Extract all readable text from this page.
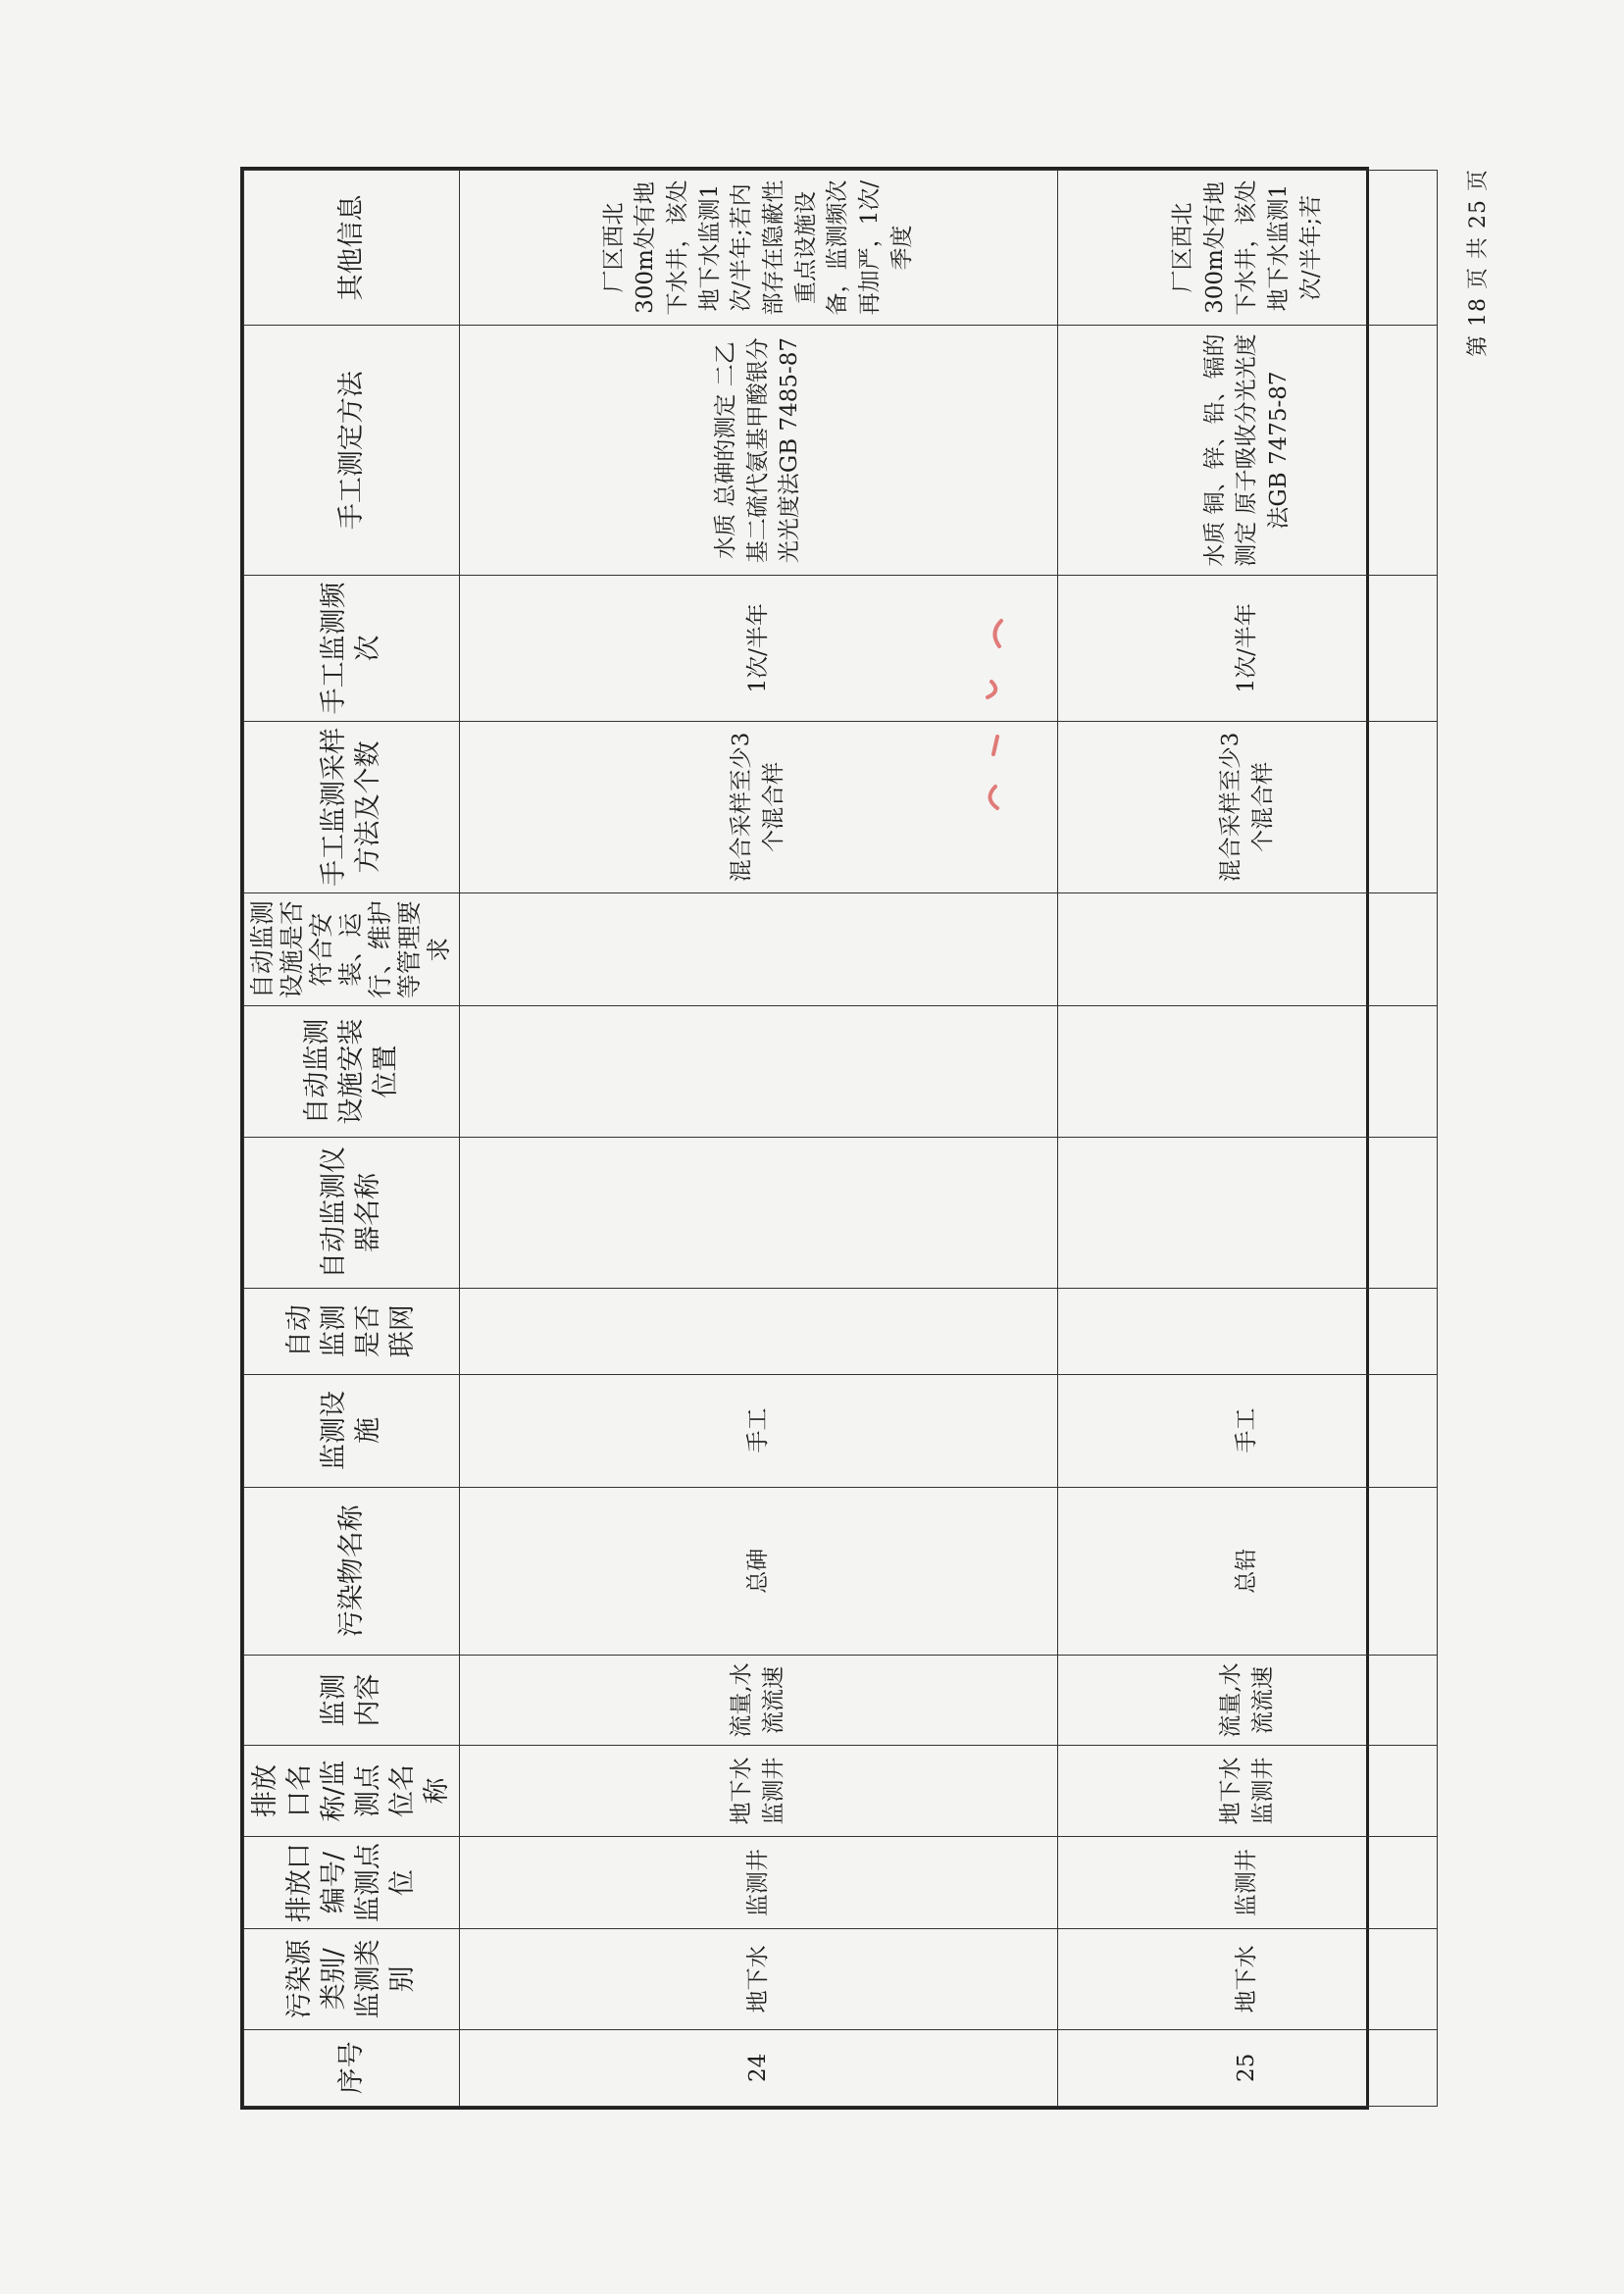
序号	污染源类别/监测类别	排放口编号/监测点位	排放口名称/监测点位名称	监测内容	污染物名称	监测设施	自动监测是否联网	自动监测仪器名称	自动监测设施安装位置	自动监测设施是否符合安装、运行、维护等管理要求	手工监测采样方法及个数	手工监测频次	手工测定方法	其他信息
24	地下水	监测井	地下水监测井	流量,水流流速	总砷	手工					混合采样至少3个混合样	1次/半年	水质 总砷的测定 二乙基二硫代氨基甲酸银分光光度法GB 7485-87	厂区西北300m处有地下水井，该处地下水监测1次/半年;若内部存在隐蔽性重点设施设备，监测频次再加严，1次/季度
25	地下水	监测井	地下水监测井	流量,水流流速	总铅	手工					混合采样至少3个混合样	1次/半年	水质 铜、锌、铅、镉的测定 原子吸收分光光度法GB 7475-87	厂区西北300m处有地下水井，该处地下水监测1次/半年;若	第 18 页 共 25 页
